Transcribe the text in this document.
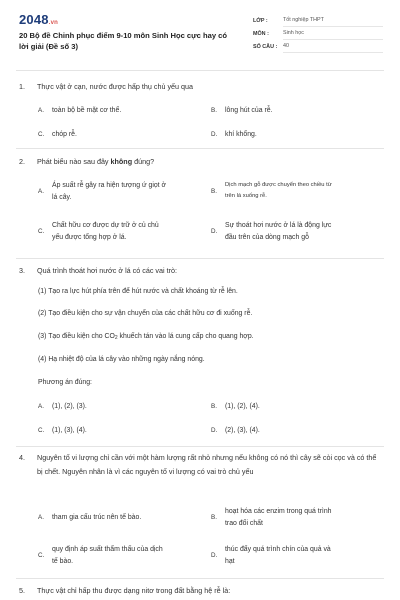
2048.vn
20 Bộ đề Chinh phục điểm 9-10 môn Sinh Học cực hay có lời giải (Đề số 3)
LỚP :	Tốt nghiệp THPT
MÔN :	Sinh học
SỐ CÂU :	40
1.	Thực vật ở cạn, nước được hấp thụ chủ yếu qua
A.	toàn bộ bề mặt cơ thể.	B.	lông hút của rễ.
C.	chóp rễ.	D.	khí khổng.
2.	Phát biểu nào sau đây không đúng?
A.
Áp suất rễ gây ra hiện tượng ứ giọt ở
lá cây.
B.
Dịch mạch gỗ được chuyển theo chiều từ
trên lá xuống rễ.
C.
Chất hữu cơ được dự trữ ở củ chủ
yếu được tổng hợp ở lá.
D.
Sự thoát hơi nước ở lá là động lực
đầu trên của dòng mạch gỗ
3.	Quá trình thoát hơi nước ở lá có các vai trò:
(1) Tạo ra lực hút phía trên để hút nước và chất khoáng từ rễ lên.
(2) Tạo điều kiện cho sự vận chuyển của các chất hữu cơ đi xuống rễ.
(3) Tạo điều kiện cho $CO_2$ khuếch tán vào lá cung cấp cho quang hợp.
(4) Hạ nhiệt độ của lá cây vào những ngày nắng nóng.
Phương án đúng:
A.	(1), (2), (3).	B.	(1), (2), (4).
C.	(1), (3), (4).	D.	(2), (3), (4).
4.	Nguyên tố vi lượng chỉ cần với một hàm lượng rất nhỏ nhưng nếu không có nó thì cây sẽ còi cọc và có thể bị chết. Nguyên nhân là vì các nguyên tố vi lượng có vai trò chủ yếu
A.	tham gia cấu trúc nên tế bào.	B.
hoạt hóa các enzim trong quá trình
trao đổi chất
C.
quy định áp suất thẩm thấu của dịch
tế bào.
D.
thúc đẩy quá trình chín của quả và
hạt
5.	Thực vật chỉ hấp thu được dạng nitơ trong đất bằng hệ rễ là:
